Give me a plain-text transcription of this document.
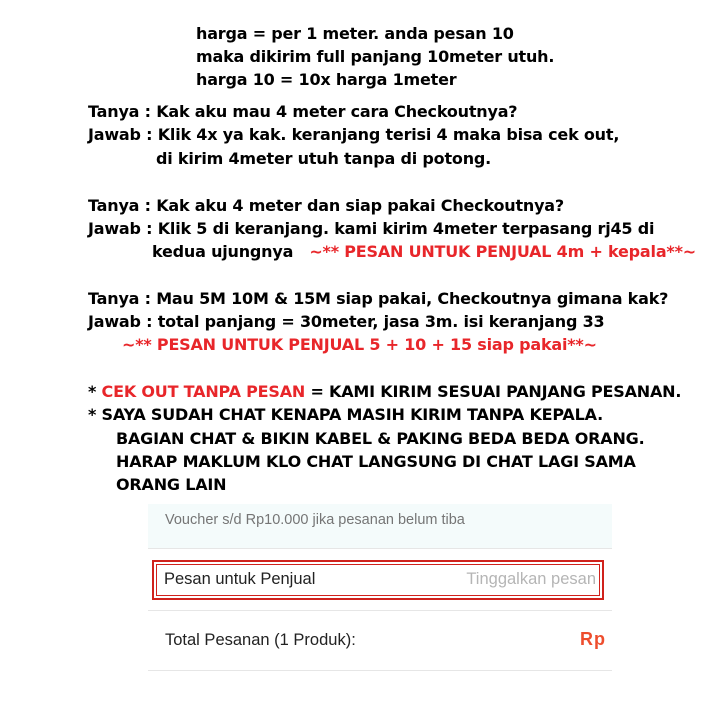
harga = per 1 meter. anda pesan 10
maka dikirim full panjang 10meter utuh.
harga 10 = 10x harga 1meter
Tanya : Kak aku mau 4 meter cara Checkoutnya?
Jawab : Klik 4x ya kak. keranjang terisi 4 maka bisa cek out,
di kirim 4meter utuh tanpa di potong.
Tanya : Kak aku 4 meter dan siap pakai Checkoutnya?
Jawab : Klik 5 di keranjang. kami kirim 4meter terpasang rj45 di
kedua ujungnya ~** PESAN UNTUK PENJUAL 4m + kepala**~
Tanya : Mau 5M 10M & 15M siap pakai, Checkoutnya gimana kak?
Jawab : total panjang = 30meter, jasa 3m. isi keranjang 33
~** PESAN UNTUK PENJUAL 5 + 10 + 15 siap pakai**~
* CEK OUT TANPA PESAN = KAMI KIRIM SESUAI PANJANG PESANAN.
* SAYA SUDAH CHAT KENAPA MASIH KIRIM TANPA KEPALA.
BAGIAN CHAT & BIKIN KABEL & PAKING BEDA BEDA ORANG.
HARAP MAKLUM KLO CHAT LANGSUNG DI CHAT LAGI SAMA
ORANG LAIN
Voucher s/d Rp10.000 jika pesanan belum tiba
Pesan untuk Penjual
Tinggalkan pesan
Total Pesanan (1 Produk):	Rp
